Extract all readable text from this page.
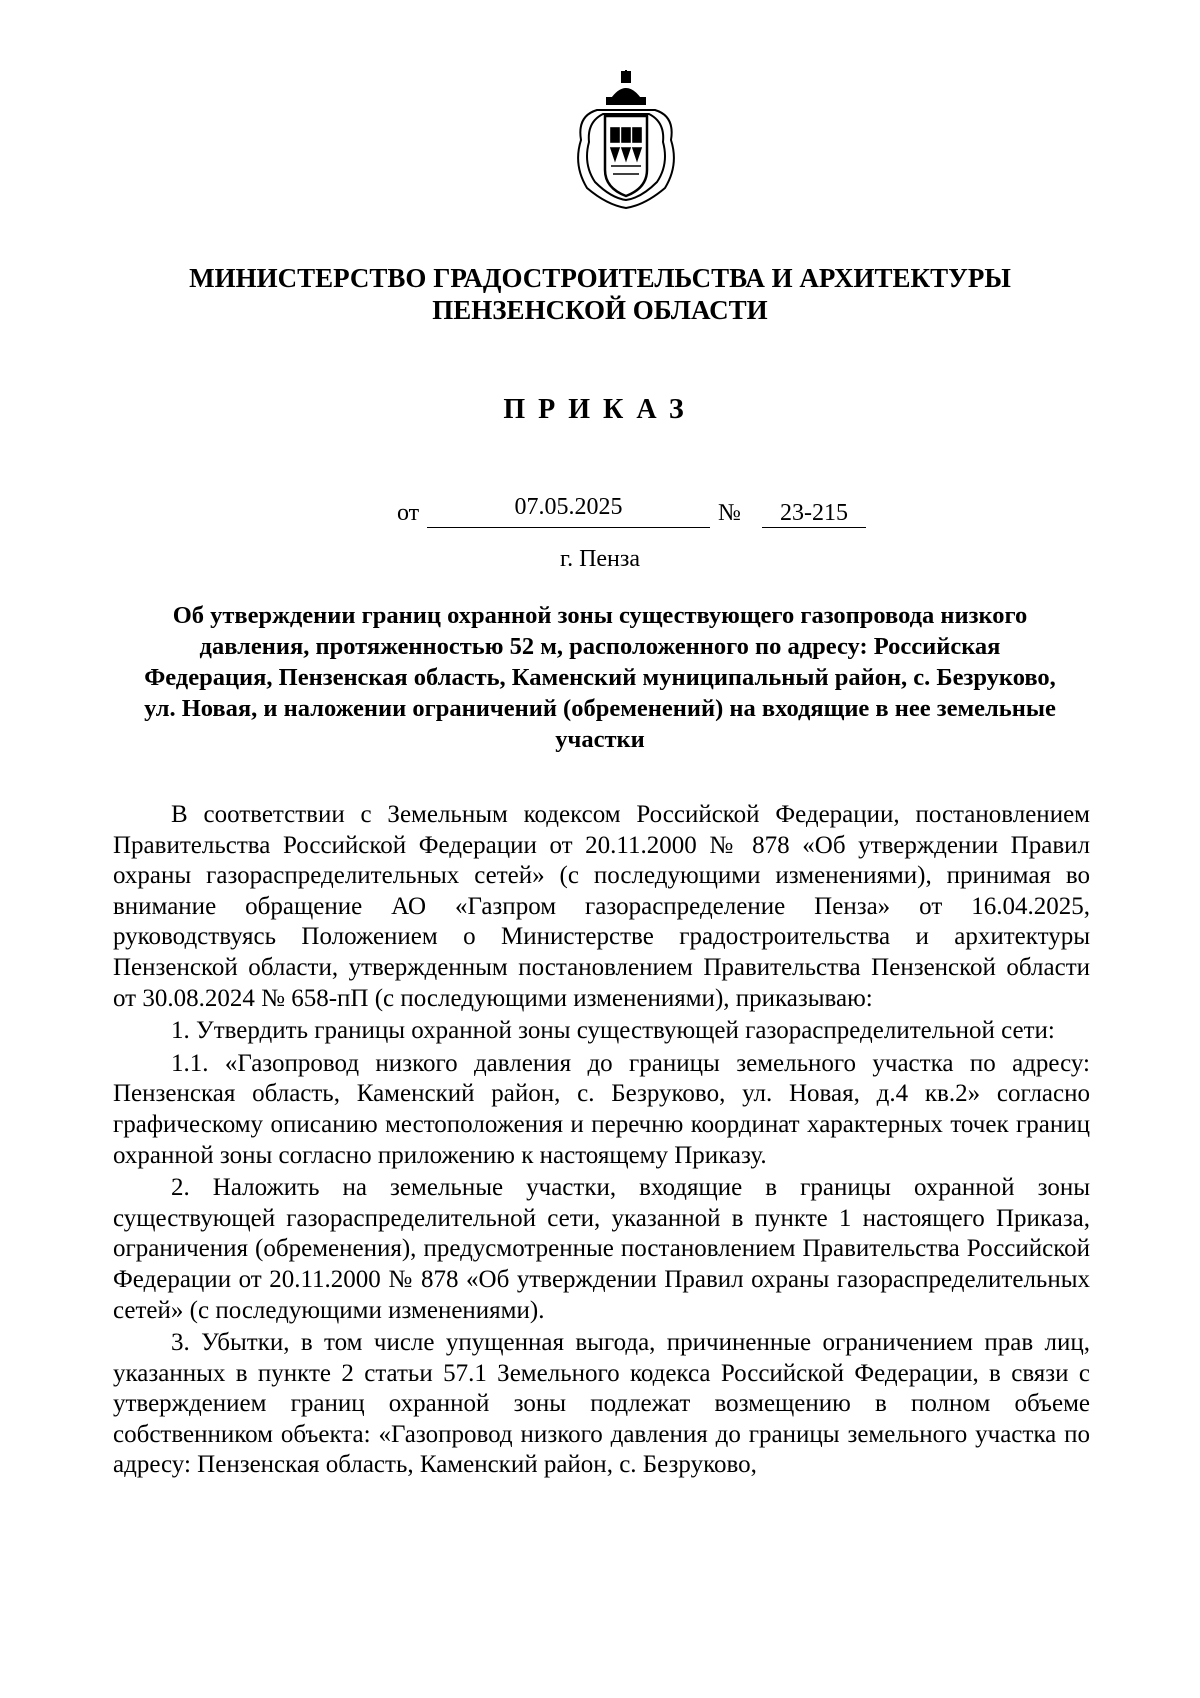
МИНИСТЕРСТВО ГРАДОСТРОИТЕЛЬСТВА И АРХИТЕКТУРЫ
ПЕНЗЕНСКОЙ ОБЛАСТИ
ПРИКАЗ
от	07.05.2025	№	23-215
г. Пенза
Об утверждении границ охранной зоны существующего газопровода низкого давления, протяженностью 52 м, расположенного по адресу: Российская Федерация, Пензенская область, Каменский муниципальный район, с. Безруково, ул. Новая, и наложении ограничений (обременений) на входящие в нее земельные участки

В соответствии с Земельным кодексом Российской Федерации, постановлением Правительства Российской Федерации от 20.11.2000 № 878 «Об утверждении Правил охраны газораспределительных сетей» (с последующими изменениями), принимая во внимание обращение АО «Газпром газораспределение Пенза» от 16.04.2025, руководствуясь Положением о Министерстве градостроительства и архитектуры Пензенской области, утвержденным постановлением Правительства Пензенской области от 30.08.2024 № 658-пП (с последующими изменениями), приказываю:

1. Утвердить границы охранной зоны существующей газораспределительной сети:

1.1. «Газопровод низкого давления до границы земельного участка по адресу: Пензенская область, Каменский район, с. Безруково, ул. Новая, д.4 кв.2» согласно графическому описанию местоположения и перечню координат характерных точек границ охранной зоны согласно приложению к настоящему Приказу.

2. Наложить на земельные участки, входящие в границы охранной зоны существующей газораспределительной сети, указанной в пункте 1 настоящего Приказа, ограничения (обременения), предусмотренные постановлением Правительства Российской Федерации от 20.11.2000 № 878 «Об утверждении Правил охраны газораспределительных сетей» (с последующими изменениями).

3. Убытки, в том числе упущенная выгода, причиненные ограничением прав лиц, указанных в пункте 2 статьи 57.1 Земельного кодекса Российской Федерации, в связи с утверждением границ охранной зоны подлежат возмещению в полном объеме собственником объекта: «Газопровод низкого давления до границы земельного участка по адресу: Пензенская область, Каменский район, с. Безруково,
